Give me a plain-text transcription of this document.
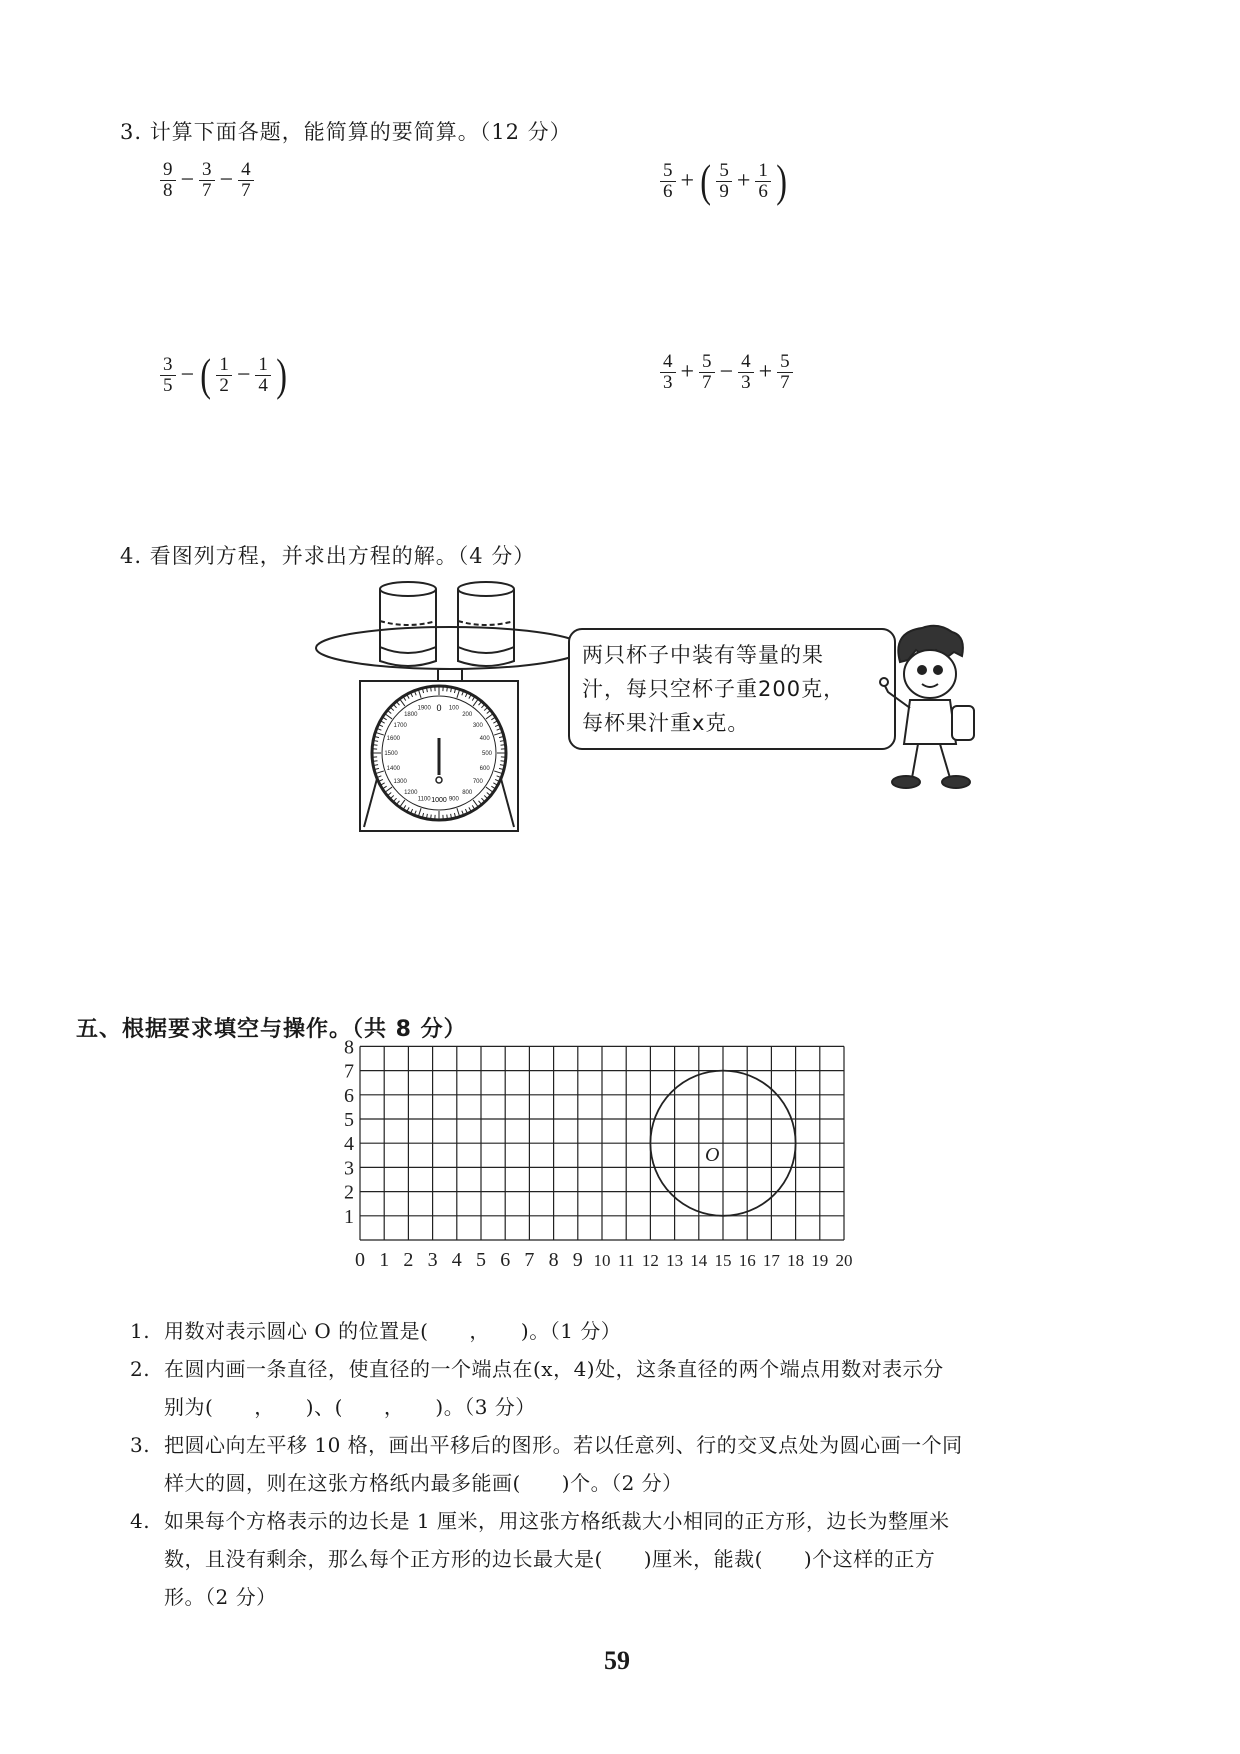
3. 计算下面各题，能简算的要简算。（12 分）
$\frac{9}{8} - \frac{3}{7} - \frac{4}{7}$	$\frac{5}{6}$ + ( $\frac{5}{9} + \frac{1}{6}$ )
$\frac{3}{5}$ − ( $\frac{1}{2} - \frac{1}{4}$ )	$\frac{4}{3} + \frac{5}{7} - \frac{4}{3} + \frac{5}{7}$
4. 看图列方程，并求出方程的解。（4 分）
1900	100
1800	200
1700	300
1600	400
1500	500
1400	600
1300	700
1200	800
1100	900
0
1000
两只杯子中装有等量的果
汁，每只空杯子重200克，
每杯果汁重x克。
五、根据要求填空与操作。（共 8 分）
0 1 2 3 4 5 6 7 8 9 10 11 12 13 14 15 16 17 18 19 20
1
2
3
4
5
6
7
8
O
1. 用数对表示圆心 O 的位置是(　　，　　)。（1 分）
2. 在圆内画一条直径，使直径的一个端点在(x，4)处，这条直径的两个端点用数对表示分
别为(　　，　　)、(　　，　　)。（3 分）
3. 把圆心向左平移 10 格，画出平移后的图形。若以任意列、行的交叉点处为圆心画一个同
样大的圆，则在这张方格纸内最多能画(　　)个。（2 分）
4. 如果每个方格表示的边长是 1 厘米，用这张方格纸裁大小相同的正方形，边长为整厘米
数，且没有剩余，那么每个正方形的边长最大是(　　)厘米，能裁(　　)个这样的正方
形。（2 分）
59
